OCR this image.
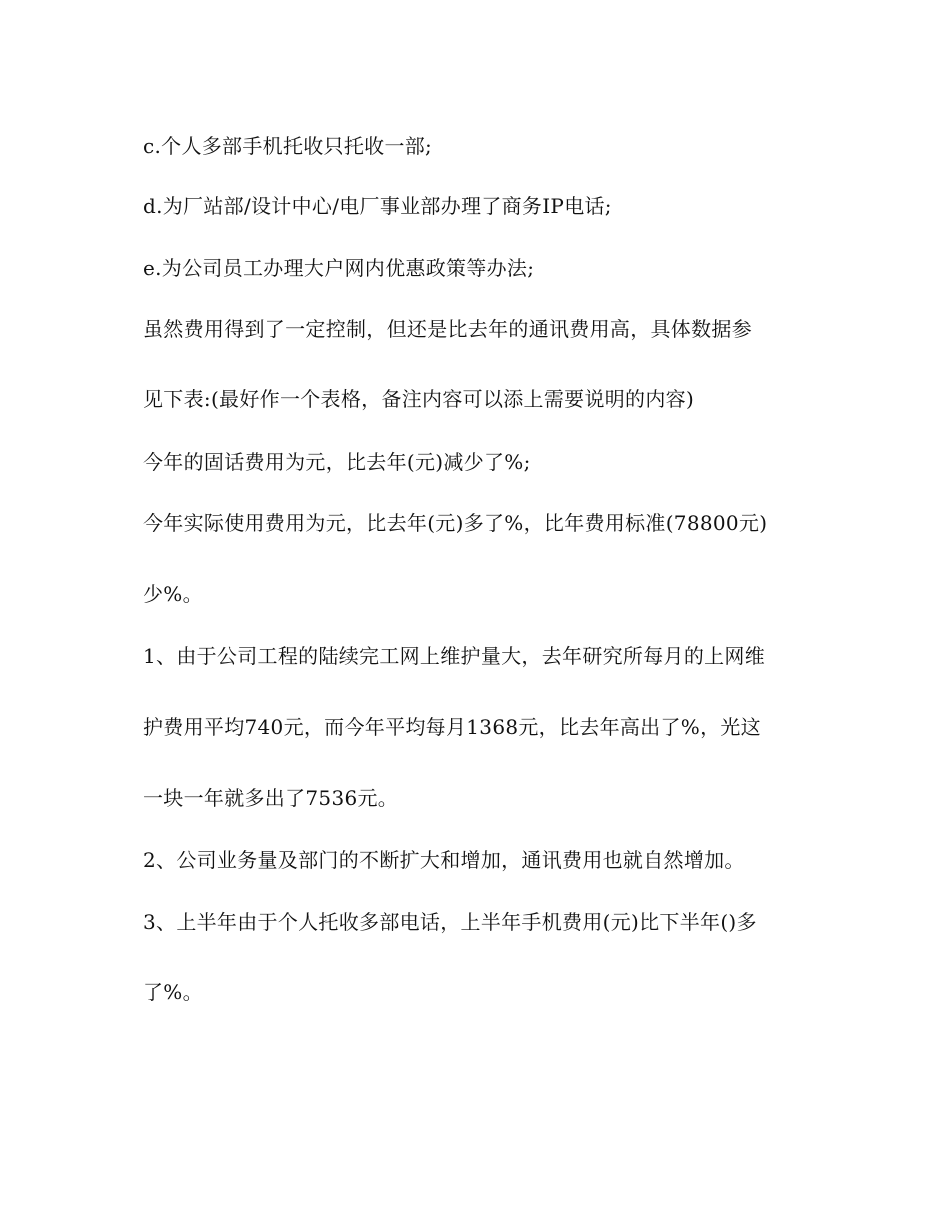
c.个人多部手机托收只托收一部;
d.为厂站部/设计中心/电厂事业部办理了商务IP电话;
e.为公司员工办理大户网内优惠政策等办法;
虽然费用得到了一定控制，但还是比去年的通讯费用高，具体数据参
见下表:(最好作一个表格，备注内容可以添上需要说明的内容)
今年的固话费用为元，比去年(元)减少了%;
今年实际使用费用为元，比去年(元)多了%，比年费用标准(78800元)
少%。
1、由于公司工程的陆续完工网上维护量大，去年研究所每月的上网维
护费用平均740元，而今年平均每月1368元，比去年高出了%，光这
一块一年就多出了7536元。
2、公司业务量及部门的不断扩大和增加，通讯费用也就自然增加。
3、上半年由于个人托收多部电话，上半年手机费用(元)比下半年()多
了%。
